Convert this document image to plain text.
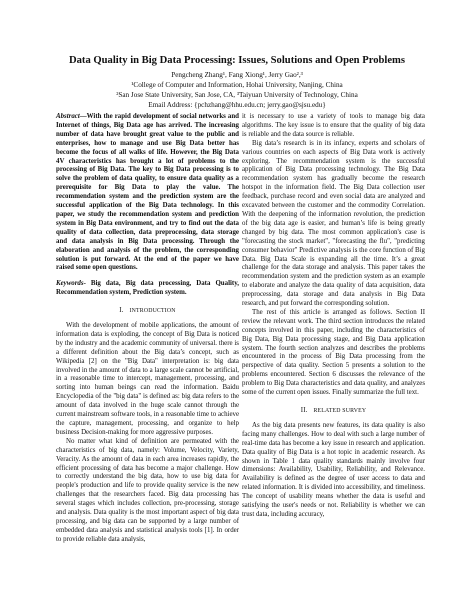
Data Quality in Big Data Processing: Issues, Solutions and Open Problems
Pengcheng Zhang¹, Fang Xiong¹, Jerry Gao²,³
¹College of Computer and Information, Hohai University, Nanjing, China
²San Jose State University, San Jose, CA, ³Taiyuan University of Technology, China
Email Address: {pchzhang@hhu.edu.cn; jerry.gao@sjsu.edu}
Abstract—With the rapid development of social networks and Internet of things, Big Data age has arrived. The increasing number of data have brought great value to the public and enterprises, how to manage and use Big Data better has become the focus of all walks of life. However, the Big Data 4V characteristics has brought a lot of problems to the processing of Big Data. The key to Big Data processing is to solve the problem of data quality, to ensure data quality as a prerequisite for Big Data to play the value. The recommendation system and the prediction system are the successful application of the Big Data technology. In this paper, we study the recommendation system and prediction system in Big Data environment, and try to find out the data quality of data collection, data preprocessing, data storage and data analysis in Big Data processing. Through the elaboration and analysis of the problem, the corresponding solution is put forward. At the end of the paper we have raised some open questions.
Keywords- Big data, Big data processing, Data Quality, Recommendation system, Prediction system.
I. INTRODUCTION

With the development of mobile applications, the amount of information data is exploding, the concept of Big Data is noticed by the industry and the academic community of universal. there is a different definition about the Big data’s concept, such as Wikipedia [2] on the "Big Data" interpretation is: big data involved in the amount of data to a large scale cannot be artificial, in a reasonable time to intercept, management, processing, and sorting into human beings can read the information. Baidu Encyclopedia of the "big data" is defined as: big data refers to the amount of data involved in the huge scale cannot through the current mainstream software tools, in a reasonable time to achieve the capture, management, processing, and organize to help business Decision-making for more aggressive purposes.

No matter what kind of definition are permeated with the characteristics of big data, namely: Volume, Velocity, Variety, Veracity. As the amount of data in each area increases rapidly, the efficient processing of data has become a major challenge. How to correctly understand the big data, how to use big data for people's production and life to provide quality service is the new challenges that the researchers faced. Big data processing has several stages which includes collection, pre-processing, storage and analysis. Data quality is the most important aspect of big data processing, and big data can be supported by a large number of embedded data analysis and statistical analysis tools [1]. In order to provide reliable data analysis,

it is necessary to use a variety of tools to manage big data algorithms. The key issue is to ensure that the quality of big data is reliable and the data source is reliable.

Big data’s research is in its infancy, experts and scholars of various countries on each aspects of Big Data work is actively exploring. The recommendation system is the successful application of Big Data processing technology. The Big Data recommendation system has gradually become the research hotspot in the information field. The Big Data collection user feedback, purchase record and even social data are analyzed and excavated between the customer and the commodity Correlation. With the deepening of the information revolution, the prediction of the big data age is easier, and human’s life is being greatly changed by big data. The most common application's case is "forecasting the stock market", "forecasting the flu", "predicting consumer behavior" Predictive analysis is the core function of Big Data. Big Data Scale is expanding all the time. It’s a great challenge for the data storage and analysis. This paper takes the recommendation system and the prediction system as an example to elaborate and analyze the data quality of data acquisition, data preprocessing, data storage and data analysis in Big Data research, and put forward the corresponding solution.

The rest of this article is arranged as follows. Section II review the relevant work. The third section introduces the related concepts involved in this paper, including the characteristics of Big Data, Big Data processing stage, and Big Data application system. The fourth section analyzes and describes the problems encountered in the process of Big Data processing from the perspective of data quality. Section 5 presents a solution to the problems encountered. Section 6 discusses the relevance of the problem to Big Data characteristics and data quality, and analyzes some of the current open issues. Finally summarize the full text.

II. RELATED SURVEY

As the big data presents new features, its data quality is also facing many challenges. How to deal with such a large number of real-time data has become a key issue in research and application. Data quality of Big Data is a hot topic in academic research. As shown in Table 1 data quality standards mainly involve four dimensions: Availability, Usability, Reliability, and Relevance. Availability is defined as the degree of user access to data and related information. It is divided into accessibility, and timeliness. The concept of usability means whether the data is useful and satisfying the user's needs or not. Reliability is whether we can trust data, including accuracy,
